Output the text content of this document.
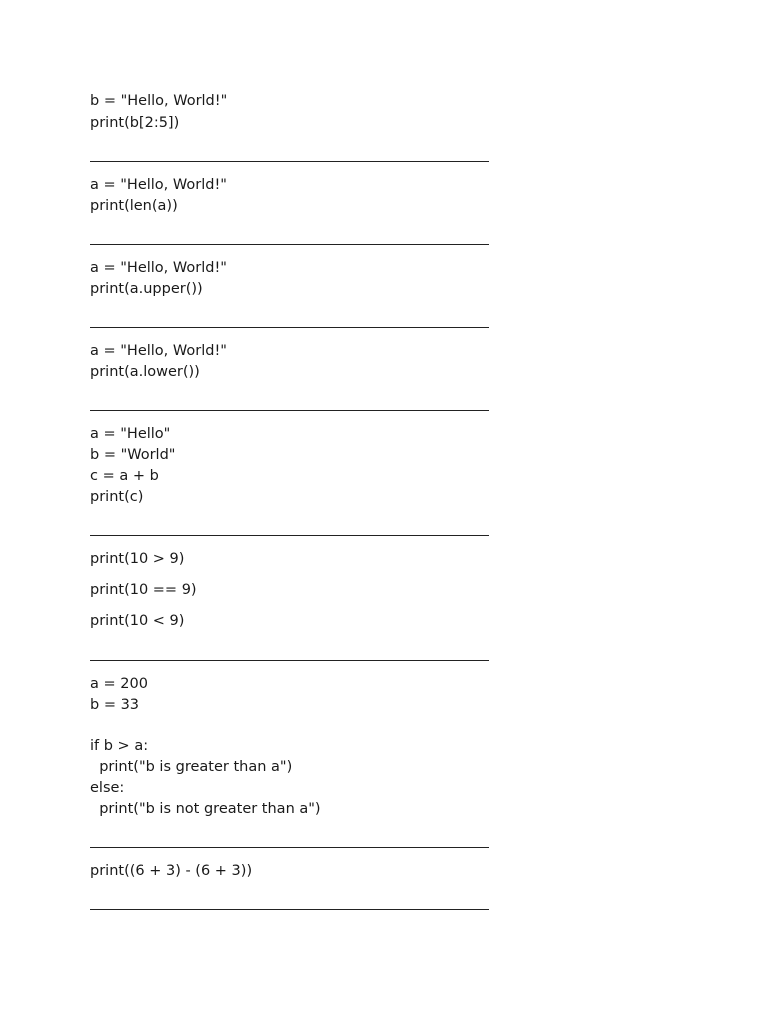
b = "Hello, World!"
print(b[2:5])
a = "Hello, World!"
print(len(a))
a = "Hello, World!"
print(a.upper())
a = "Hello, World!"
print(a.lower())
a = "Hello"
b = "World"
c = a + b
print(c)
print(10 > 9)
print(10 == 9)
print(10 < 9)
a = 200
b = 33
if b > a:
print("b is greater than a")
else:
print("b is not greater than a")
print((6 + 3) - (6 + 3))
